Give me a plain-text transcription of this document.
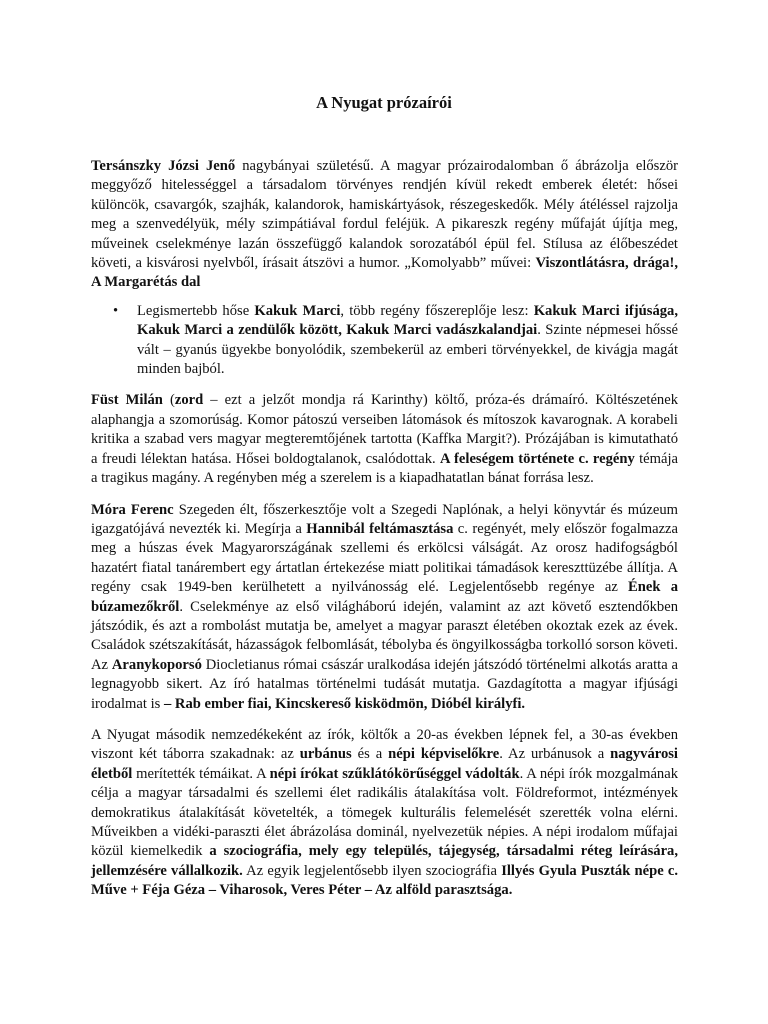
A Nyugat prózaírói

Tersánszky Józsi Jenő nagybányai születésű. A magyar prózairodalomban ő ábrázolja először meggyőző hitelességgel a társadalom törvényes rendjén kívül rekedt emberek életét: hősei különcök, csavargók, szajhák, kalandorok, hamiskártyások, részegeskedők. Mély átéléssel rajzolja meg a szenvedélyük, mély szimpátiával fordul feléjük. A pikareszk regény műfaját újítja meg, műveinek cselekménye lazán összefüggő kalandok sorozatából épül fel. Stílusa az élőbeszédet követi, a kisvárosi nyelvből, írásait átszövi a humor. „Komolyabb” művei: Viszontlátásra, drága!, A Margarétás dal

• Legismertebb hőse Kakuk Marci, több regény főszereplője lesz: Kakuk Marci ifjúsága, Kakuk Marci a zendülők között, Kakuk Marci vadászkalandjai. Szinte népmesei hőssé vált – gyanús ügyekbe bonyolódik, szembekerül az emberi törvényekkel, de kivágja magát minden bajból.

Füst Milán (zord – ezt a jelzőt mondja rá Karinthy) költő, próza-és drámaíró. Költészetének alaphangja a szomorúság. Komor pátoszú verseiben látomások és mítoszok kavarognak. A korabeli kritika a szabad vers magyar megteremtőjének tartotta (Kaffka Margit?). Prózájában is kimutatható a freudi lélektan hatása. Hősei boldogtalanok, csalódottak. A feleségem története c. regény témája a tragikus magány. A regényben még a szerelem is a kiapadhatatlan bánat forrása lesz.

Móra Ferenc Szegeden élt, főszerkesztője volt a Szegedi Naplónak, a helyi könyvtár és múzeum igazgatójává nevezték ki. Megírja a Hannibál feltámasztása c. regényét, mely először fogalmazza meg a húszas évek Magyarországának szellemi és erkölcsi válságát. Az orosz hadifogságból hazatért fiatal tanárembert egy ártatlan értekezése miatt politikai támadások kereszttüzébe állítja. A regény csak 1949-ben kerülhetett a nyilvánosság elé. Legjelentősebb regénye az Ének a búzamezőkről. Cselekménye az első világháború idején, valamint az azt követő esztendőkben játszódik, és azt a rombolást mutatja be, amelyet a magyar paraszt életében okoztak ezek az évek. Családok szétszakítását, házasságok felbomlását, tébolyba és öngyilkosságba torkolló sorson követi. Az Aranykoporsó Diocletianus római császár uralkodása idején játszódó történelmi alkotás aratta a legnagyobb sikert. Az író hatalmas történelmi tudását mutatja. Gazdagította a magyar ifjúsági irodalmat is – Rab ember fiai, Kincskereső kisködmön, Dióbél királyfi.

A Nyugat második nemzedékeként az írók, költők a 20-as években lépnek fel, a 30-as években viszont két táborra szakadnak: az urbánus és a népi képviselőkre. Az urbánusok a nagyvárosi életből merítették témáikat. A népi írókat szűklátókörűséggel vádolták. A népi írók mozgalmának célja a magyar társadalmi és szellemi élet radikális átalakítása volt. Földreformot, intézmények demokratikus átalakítását követelték, a tömegek kulturális felemelését szerették volna elérni. Műveikben a vidéki-paraszti élet ábrázolása dominál, nyelvezetük népies. A népi irodalom műfajai közül kiemelkedik a szociográfia, mely egy település, tájegység, társadalmi réteg leírására, jellemzésére vállalkozik. Az egyik legjelentősebb ilyen szociográfia Illyés Gyula Puszták népe c. Műve + Féja Géza – Viharosok, Veres Péter – Az alföld parasztsága.
